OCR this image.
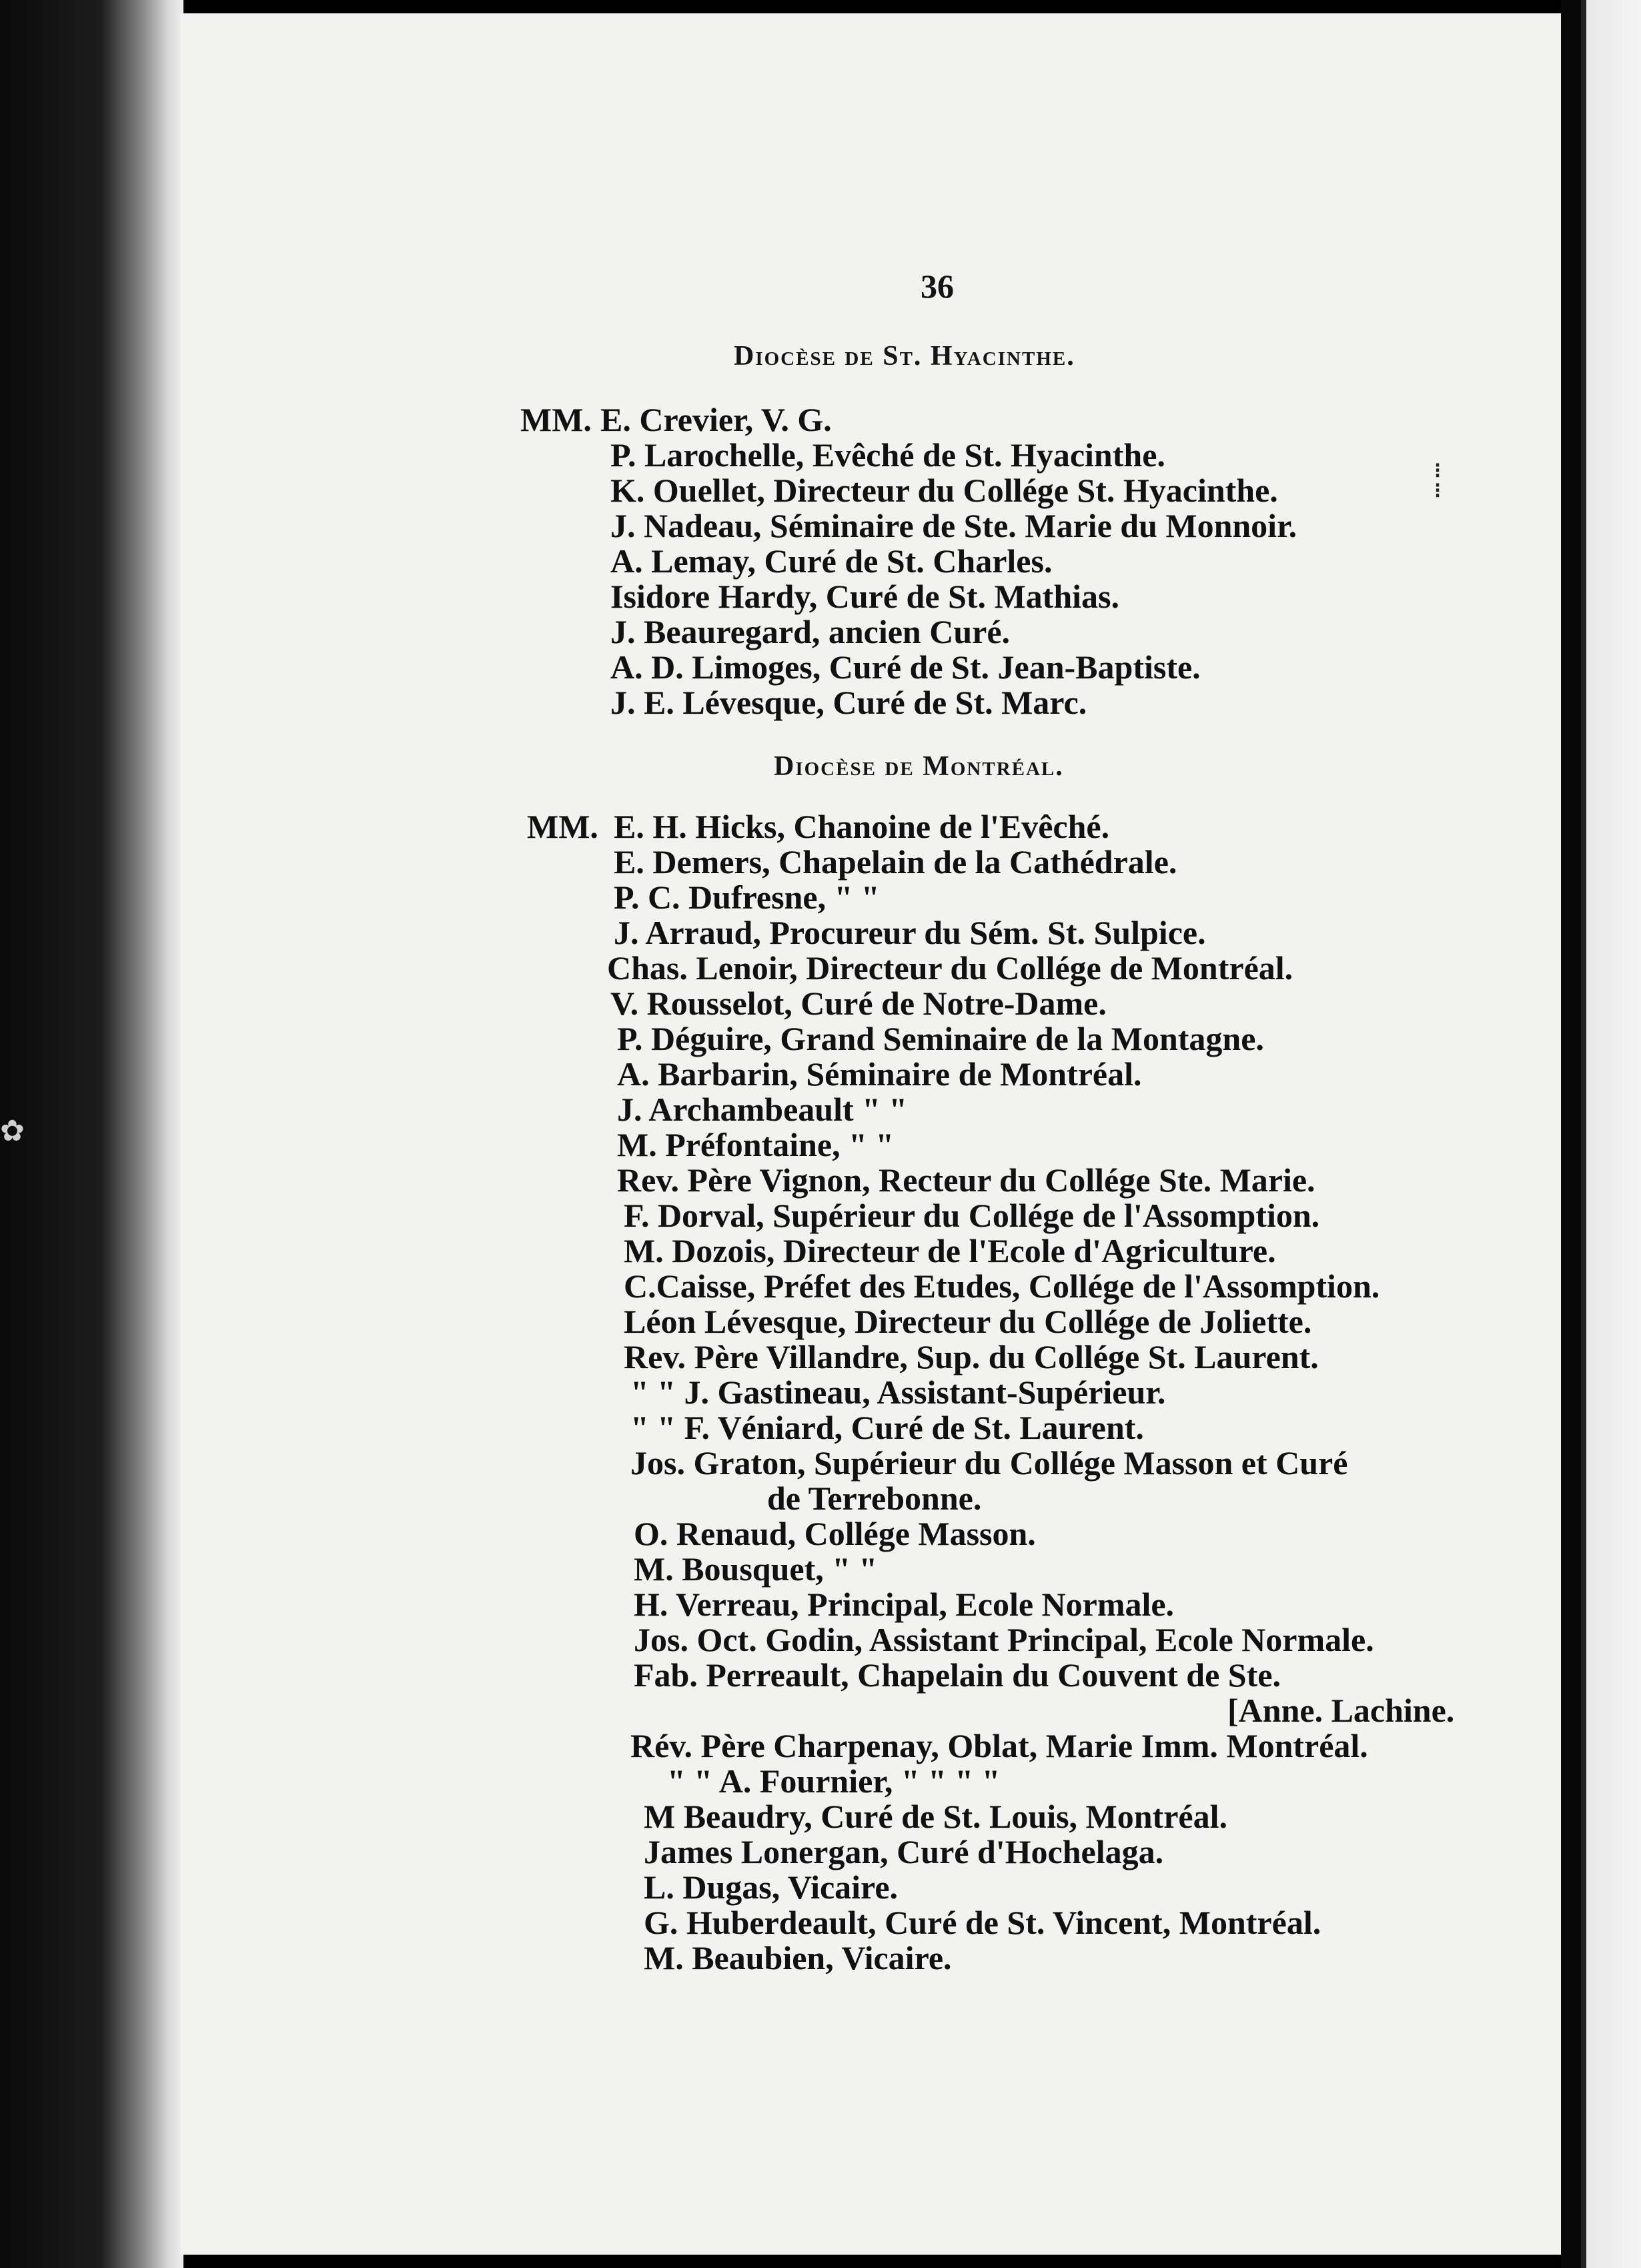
✿
⁝
⁝
36
Diocèse de St. Hyacinthe.
MM. E. Crevier, V. G.
P. Larochelle, Evêché de St. Hyacinthe.
K. Ouellet, Directeur du Collége St. Hyacinthe.
J. Nadeau, Séminaire de Ste. Marie du Monnoir.
A. Lemay, Curé de St. Charles.
Isidore Hardy, Curé de St. Mathias.
J. Beauregard, ancien Curé.
A. D. Limoges, Curé de St. Jean-Baptiste.
J. E. Lévesque, Curé de St. Marc.
Diocèse de Montréal.
MM. E. H. Hicks, Chanoine de l'Evêché.
E. Demers, Chapelain de la Cathédrale.
P. C. Dufresne, " "
J. Arraud, Procureur du Sém. St. Sulpice.
Chas. Lenoir, Directeur du Collége de Montréal.
V. Rousselot, Curé de Notre-Dame.
P. Déguire, Grand Seminaire de la Montagne.
A. Barbarin, Séminaire de Montréal.
J. Archambeault " "
M. Préfontaine, " "
Rev. Père Vignon, Recteur du Collége Ste. Marie.
F. Dorval, Supérieur du Collége de l'Assomption.
M. Dozois, Directeur de l'Ecole d'Agriculture.
C.Caisse, Préfet des Etudes, Collége de l'Assomption.
Léon Lévesque, Directeur du Collége de Joliette.
Rev. Père Villandre, Sup. du Collége St. Laurent.
" " J. Gastineau, Assistant-Supérieur.
" " F. Véniard, Curé de St. Laurent.
Jos. Graton, Supérieur du Collége Masson et Curé
de Terrebonne.
O. Renaud, Collége Masson.
M. Bousquet, " "
H. Verreau, Principal, Ecole Normale.
Jos. Oct. Godin, Assistant Principal, Ecole Normale.
Fab. Perreault, Chapelain du Couvent de Ste.
[Anne. Lachine.
Rév. Père Charpenay, Oblat, Marie Imm. Montréal.
" " A. Fournier, " " " "
M Beaudry, Curé de St. Louis, Montréal.
James Lonergan, Curé d'Hochelaga.
L. Dugas, Vicaire.
G. Huberdeault, Curé de St. Vincent, Montréal.
M. Beaubien, Vicaire.
